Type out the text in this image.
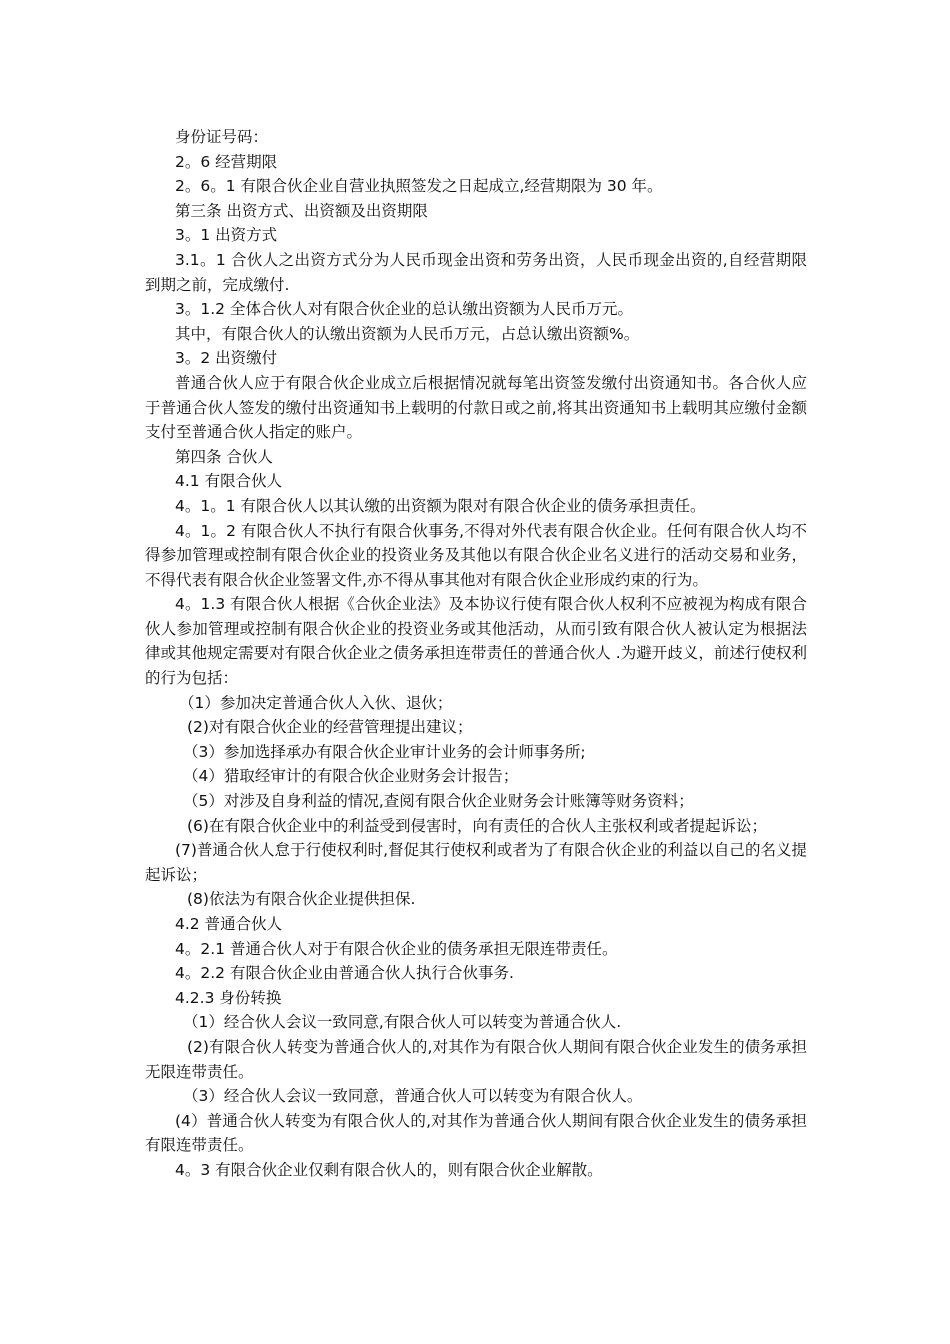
身份证号码：

2。6 经营期限

2。6。1 有限合伙企业自营业执照签发之日起成立,经营期限为 30 年。

第三条 出资方式、出资额及出资期限

3。1 出资方式

3.1。1 合伙人之出资方式分为人民币现金出资和劳务出资，人民币现金出资的,自经营期限到期之前，完成缴付.

3。1.2 全体合伙人对有限合伙企业的总认缴出资额为人民币万元。

其中，有限合伙人的认缴出资额为人民币万元，占总认缴出资额%。

3。2 出资缴付

普通合伙人应于有限合伙企业成立后根据情况就每笔出资签发缴付出资通知书。各合伙人应于普通合伙人签发的缴付出资通知书上载明的付款日或之前,将其出资通知书上载明其应缴付金额支付至普通合伙人指定的账户。

第四条 合伙人

4.1 有限合伙人

4。1。1 有限合伙人以其认缴的出资额为限对有限合伙企业的债务承担责任。

4。1。2 有限合伙人不执行有限合伙事务,不得对外代表有限合伙企业。任何有限合伙人均不得参加管理或控制有限合伙企业的投资业务及其他以有限合伙企业名义进行的活动交易和业务，不得代表有限合伙企业签署文件,亦不得从事其他对有限合伙企业形成约束的行为。

4。1.3 有限合伙人根据《合伙企业法》及本协议行使有限合伙人权利不应被视为构成有限合伙人参加管理或控制有限合伙企业的投资业务或其他活动，从而引致有限合伙人被认定为根据法律或其他规定需要对有限合伙企业之债务承担连带责任的普通合伙人 .为避开歧义，前述行使权利的行为包括：

（1）参加决定普通合伙人入伙、退伙；

(2)对有限合伙企业的经营管理提出建议；

（3）参加选择承办有限合伙企业审计业务的会计师事务所;

（4）猎取经审计的有限合伙企业财务会计报告；

（5）对涉及自身利益的情况,查阅有限合伙企业财务会计账簿等财务资料；

(6)在有限合伙企业中的利益受到侵害时，向有责任的合伙人主张权利或者提起诉讼；

(7)普通合伙人怠于行使权利时,督促其行使权利或者为了有限合伙企业的利益以自己的名义提起诉讼；

(8)依法为有限合伙企业提供担保.

4.2 普通合伙人

4。2.1 普通合伙人对于有限合伙企业的债务承担无限连带责任。

4。2.2 有限合伙企业由普通合伙人执行合伙事务.

4.2.3 身份转换

（1）经合伙人会议一致同意,有限合伙人可以转变为普通合伙人.

(2)有限合伙人转变为普通合伙人的,对其作为有限合伙人期间有限合伙企业发生的债务承担无限连带责任。

（3）经合伙人会议一致同意，普通合伙人可以转变为有限合伙人。

(4）普通合伙人转变为有限合伙人的,对其作为普通合伙人期间有限合伙企业发生的债务承担有限连带责任。

4。3 有限合伙企业仅剩有限合伙人的，则有限合伙企业解散。
